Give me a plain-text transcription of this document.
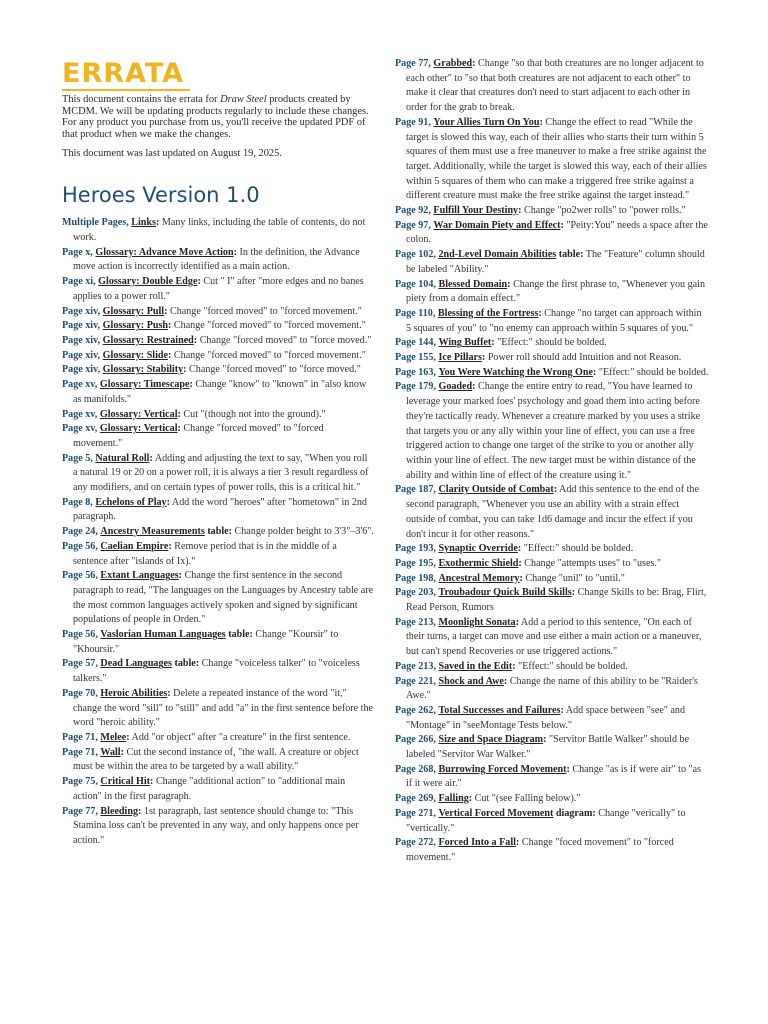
ERRATA

This document contains the errata for Draw Steel products created by MCDM. We will be updating products regularly to include these changes. For any product you purchase from us, you'll receive the updated PDF of that product when we make the changes.

This document was last updated on August 19, 2025.

Heroes Version 1.0
Multiple Pages, Links: Many links, including the table of contents, do not work.
Page x, Glossary: Advance Move Action: In the definition, the Advance move action is incorrectly identified as a main action.
Page xi, Glossary: Double Edge: Cut " I" after "more edges and no banes applies to a power roll."
Page xiv, Glossary: Pull: Change "forced moved" to "forced movement."
Page xiv, Glossary: Push: Change "forced moved" to "forced movement."
Page xiv, Glossary: Restrained: Change "forced moved" to "force moved."
Page xiv, Glossary: Slide: Change "forced moved" to "forced movement."
Page xiv, Glossary: Stability: Change "forced moved" to "force moved."
Page xv, Glossary: Timescape: Change "know" to "known" in "also know as manifolds."
Page xv, Glossary: Vertical: Cut "(though not into the ground)."
Page xv, Glossary: Vertical: Change "forced moved" to "forced movement."
Page 5, Natural Roll: Adding and adjusting the text to say, "When you roll a natural 19 or 20 on a power roll, it is always a tier 3 result regardless of any modifiers, and on certain types of power rolls, this is a critical hit."
Page 8, Echelons of Play: Add the word "heroes" after "hometown" in 2nd paragraph.
Page 24, Ancestry Measurements table: Change polder height to 3'3"–3'6".
Page 56, Caelian Empire: Remove period that is in the middle of a sentence after "islands of Ix)."
Page 56, Extant Languages: Change the first sentence in the second paragraph to read, "The languages on the Languages by Ancestry table are the most common languages actively spoken and signed by significant populations of people in Orden."
Page 56, Vaslorian Human Languages table: Change "Koursir" to "Khoursir."
Page 57, Dead Languages table: Change "voiceless talker" to "voiceless talkers."
Page 70, Heroic Abilities: Delete a repeated instance of the word "it," change the word "sill" to "still" and add "a" in the first sentence before the word "heroic ability."
Page 71, Melee: Add "or object" after "a creature" in the first sentence.
Page 71, Wall: Cut the second instance of, "the wall. A creature or object must be within the area to be targeted by a wall ability."
Page 75, Critical Hit: Change "additional action" to "additional main action" in the first paragraph.
Page 77, Bleeding: 1st paragraph, last sentence should change to: "This Stamina loss can't be prevented in any way, and only happens once per action."
Page 77, Grabbed: Change "so that both creatures are no longer adjacent to each other" to "so that both creatures are not adjacent to each other" to make it clear that creatures don't need to start adjacent to each other in order for the grab to break.
Page 91, Your Allies Turn On You: Change the effect to read "While the target is slowed this way, each of their allies who starts their turn within 5 squares of them must use a free maneuver to make a free strike against the target. Additionally, while the target is slowed this way, each of their allies within 5 squares of them who can make a triggered free strike against a different creature must make the free strike against the target instead."
Page 92, Fulfill Your Destiny: Change "po2wer rolls" to "power rolls."
Page 97, War Domain Piety and Effect: "Peity:You" needs a space after the colon.
Page 102, 2nd-Level Domain Abilities table: The "Feature" column should be labeled "Ability."
Page 104, Blessed Domain: Change the first phrase to, "Whenever you gain piety from a domain effect."
Page 110, Blessing of the Fortress: Change "no target can approach within 5 squares of you" to "no enemy can approach within 5 squares of you."
Page 144, Wing Buffet: "Effect:" should be bolded.
Page 155, Ice Pillars: Power roll should add Intuition and not Reason.
Page 163, You Were Watching the Wrong One: "Effect:" should be bolded.
Page 179, Goaded: Change the entire entry to read, "You have learned to leverage your marked foes' psychology and goad them into acting before they're tactically ready. Whenever a creature marked by you uses a strike that targets you or any ally within your line of effect, you can use a free triggered action to change one target of the strike to you or another ally within your line of effect. The new target must be within distance of the ability and within line of effect of the creature using it."
Page 187, Clarity Outside of Combat: Add this sentence to the end of the second paragraph, "Whenever you use an ability with a strain effect outside of combat, you can take 1d6 damage and incur the effect if you don't incur it for other reasons."
Page 193, Synaptic Override: "Effect:" should be bolded.
Page 195, Exothermic Shield: Change "attempts uses" to "uses."
Page 198, Ancestral Memory: Change "unil" to "until."
Page 203, Troubadour Quick Build Skills: Change Skills to be: Brag, Flirt, Read Person, Rumors
Page 213, Moonlight Sonata: Add a period to this sentence, "On each of their turns, a target can move and use either a main action or a maneuver, but can't spend Recoveries or use triggered actions."
Page 213, Saved in the Edit: "Effect:" should be bolded.
Page 221, Shock and Awe: Change the name of this ability to be "Raider's Awe."
Page 262, Total Successes and Failures: Add space between "see" and "Montage" in "seeMontage Tests below."
Page 266, Size and Space Diagram: "Servitor Battle Walker" should be labeled "Servitor War Walker."
Page 268, Burrowing Forced Movement: Change "as is if were air" to "as if it were air."
Page 269, Falling: Cut "(see Falling below)."
Page 271, Vertical Forced Movement diagram: Change "verically" to "vertically."
Page 272, Forced Into a Fall: Change "foced movement" to "forced movement."
